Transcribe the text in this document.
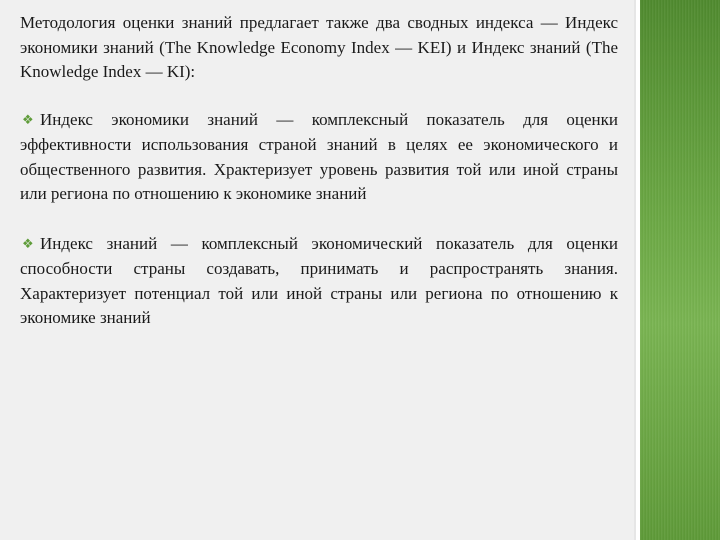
Методология оценки знаний предлагает также два сводных индекса — Индекс экономики знаний (The Knowledge Economy Index — KEI) и Индекс знаний (The Knowledge Index — KI):

❖ Индекс экономики знаний — комплексный показатель для оценки эффективности использования страной знаний в целях ее экономического и общественного развития. Храктеризует уровень развития той или иной страны или региона по отношению к экономике знаний

❖ Индекс знаний — комплексный экономический показатель для оценки способности страны создавать, принимать и распространять знания. Характеризует потенциал той или иной страны или региона по отношению к экономике знаний
